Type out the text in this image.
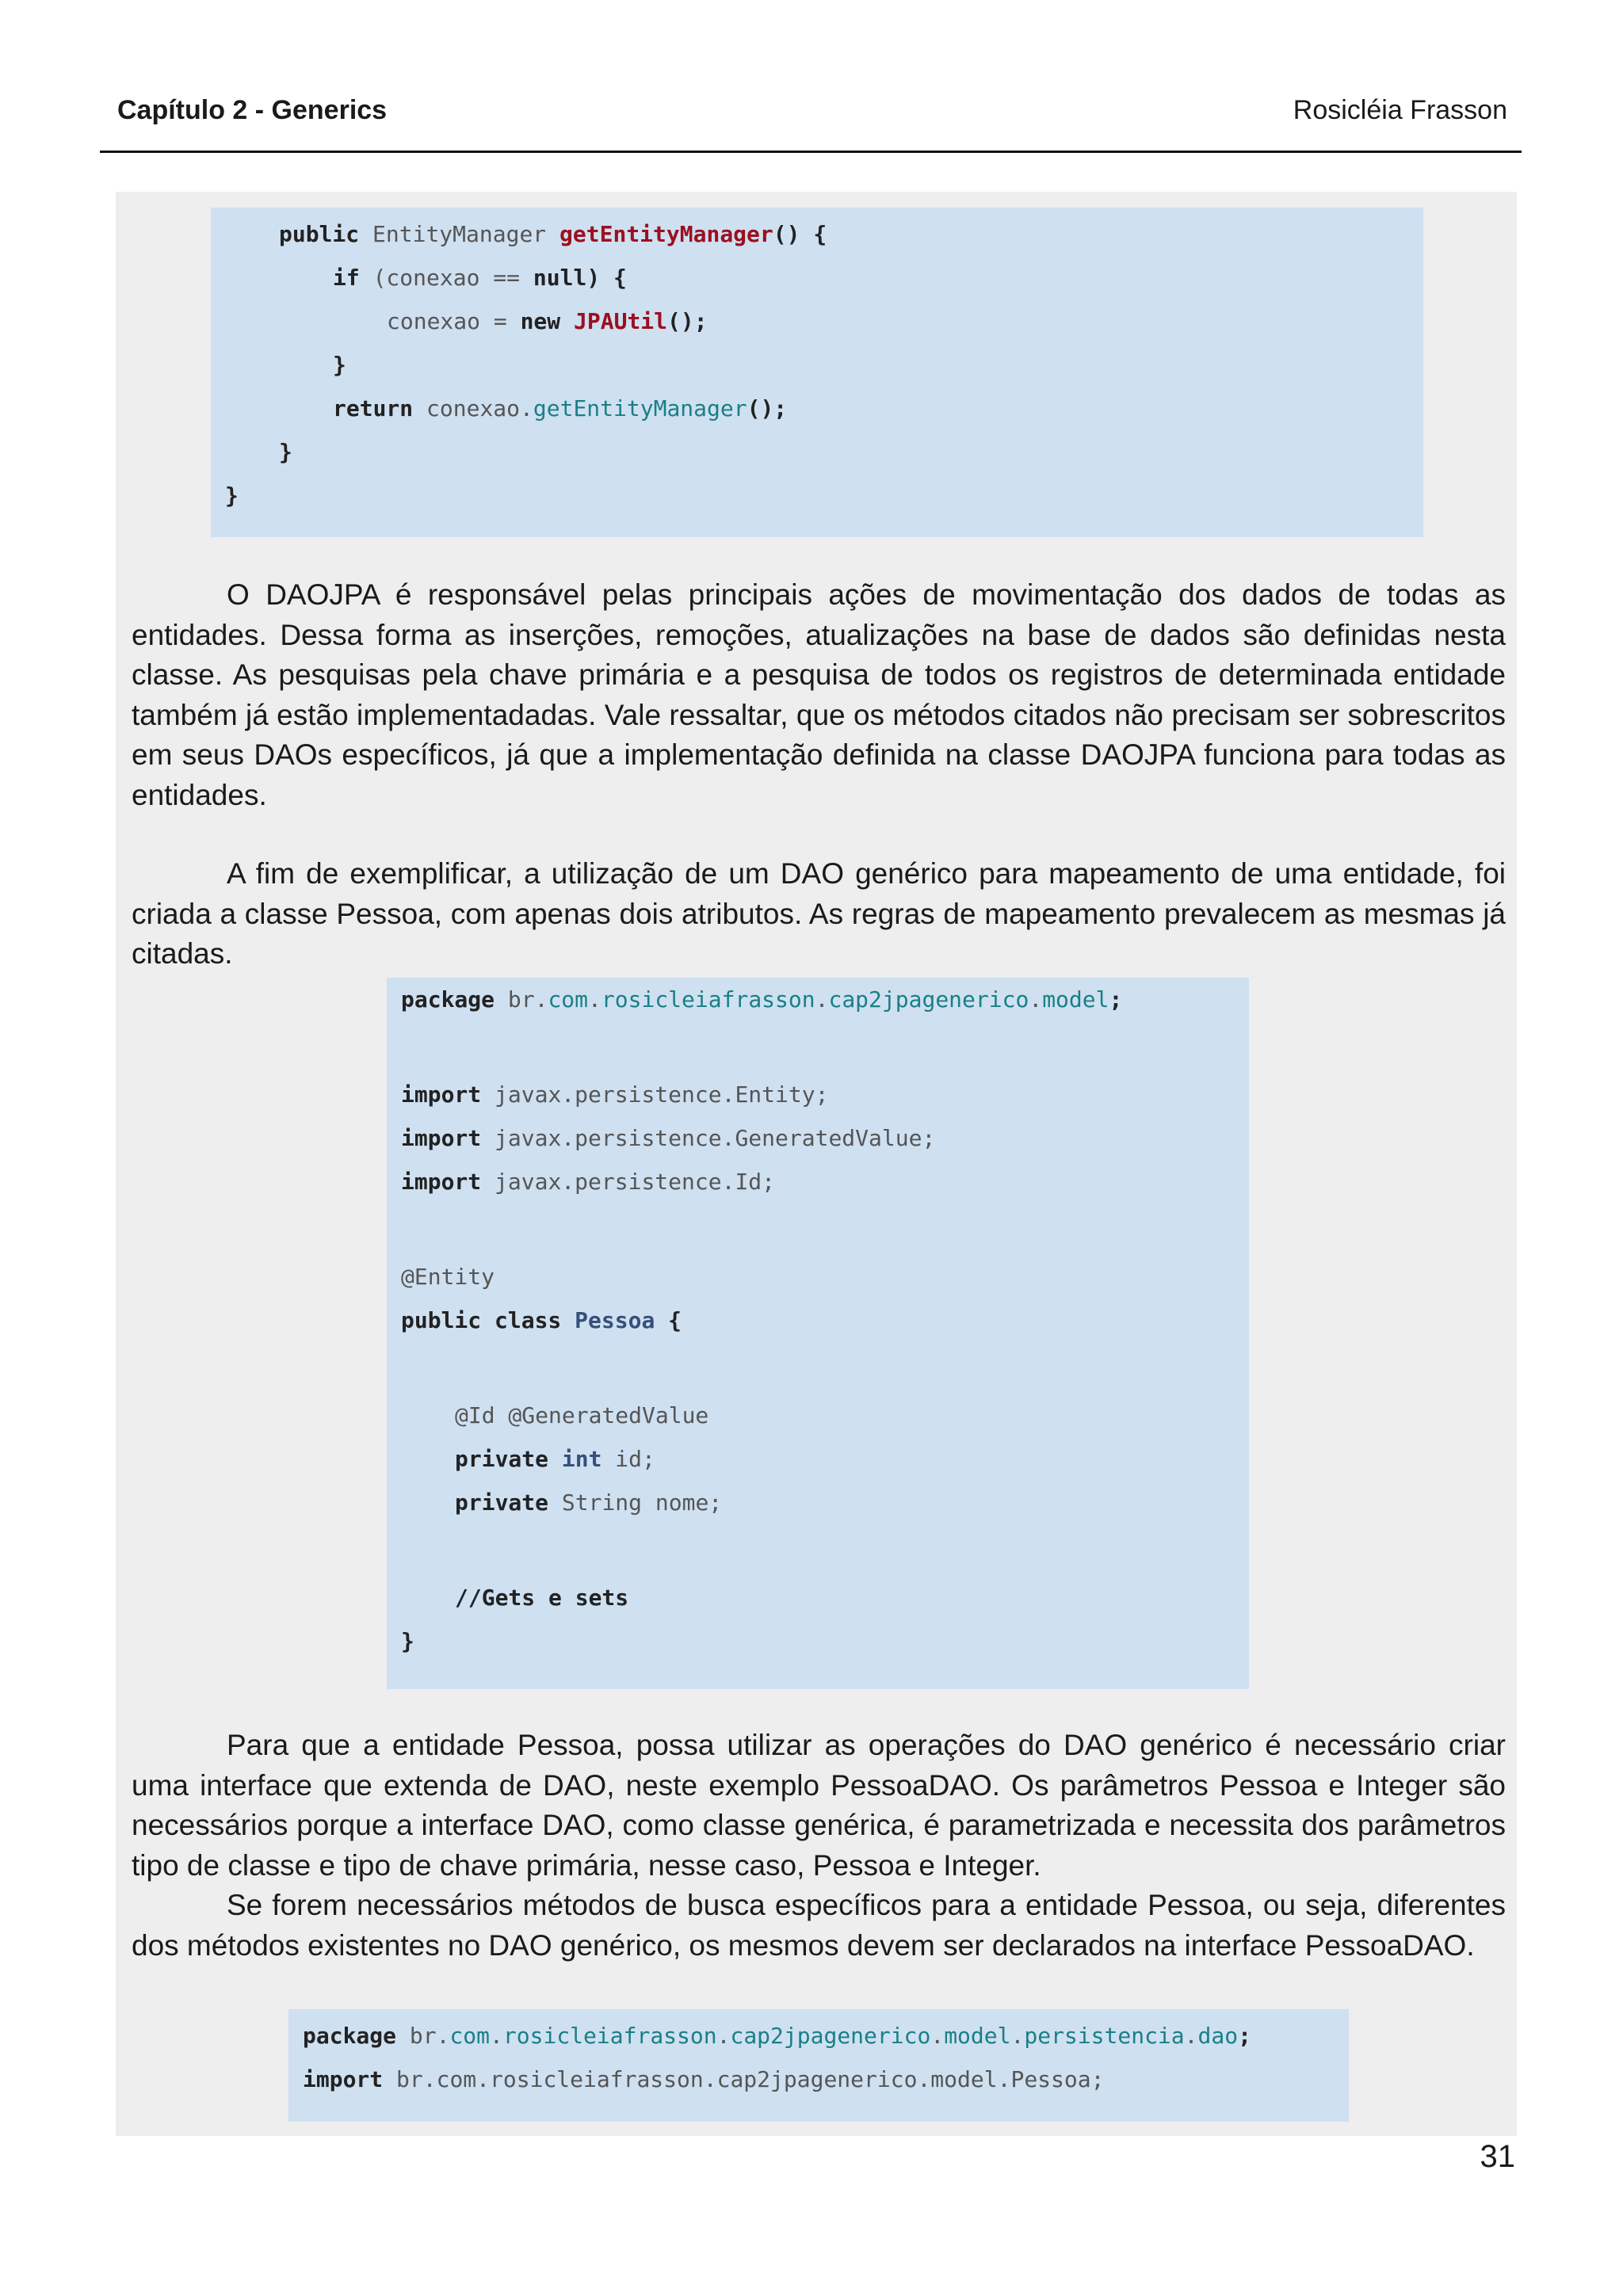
Capítulo 2 - Generics	Rosicléia Frasson
public EntityManager getEntityManager() {
if (conexao == null) {
conexao = new JPAUtil();
}
return conexao.getEntityManager();
}
}

O DAOJPA é responsável pelas principais ações de movimentação dos dados de todas as entidades. Dessa forma as inserções, remoções, atualizações na base de dados são definidas nesta classe. As pesquisas pela chave primária e a pesquisa de todos os registros de determinada entidade também já estão implementadadas. Vale ressaltar, que os métodos citados não precisam ser sobrescritos em seus DAOs específicos, já que a implementação definida na classe DAOJPA funciona para todas as entidades.

A fim de exemplificar, a utilização de um DAO genérico para mapeamento de uma entidade, foi criada a classe Pessoa, com apenas dois atributos. As regras de mapeamento prevalecem as mesmas já citadas.

package br.com.rosicleiafrasson.cap2jpagenerico.model;
import javax.persistence.Entity;
import javax.persistence.GeneratedValue;
import javax.persistence.Id;
@Entity
public class Pessoa {
@Id @GeneratedValue
private int id;
private String nome;
//Gets e sets
}

Para que a entidade Pessoa, possa utilizar as operações do DAO genérico é necessário criar uma interface que extenda de DAO, neste exemplo PessoaDAO. Os parâmetros Pessoa e Integer são necessários porque a interface DAO, como classe genérica, é parametrizada e necessita dos parâmetros tipo de classe e tipo de chave primária, nesse caso, Pessoa e Integer.

Se forem necessários métodos de busca específicos para a entidade Pessoa, ou seja, diferentes dos métodos existentes no DAO genérico, os mesmos devem ser declarados na interface PessoaDAO.

package br.com.rosicleiafrasson.cap2jpagenerico.model.persistencia.dao;
import br.com.rosicleiafrasson.cap2jpagenerico.model.Pessoa;
31
